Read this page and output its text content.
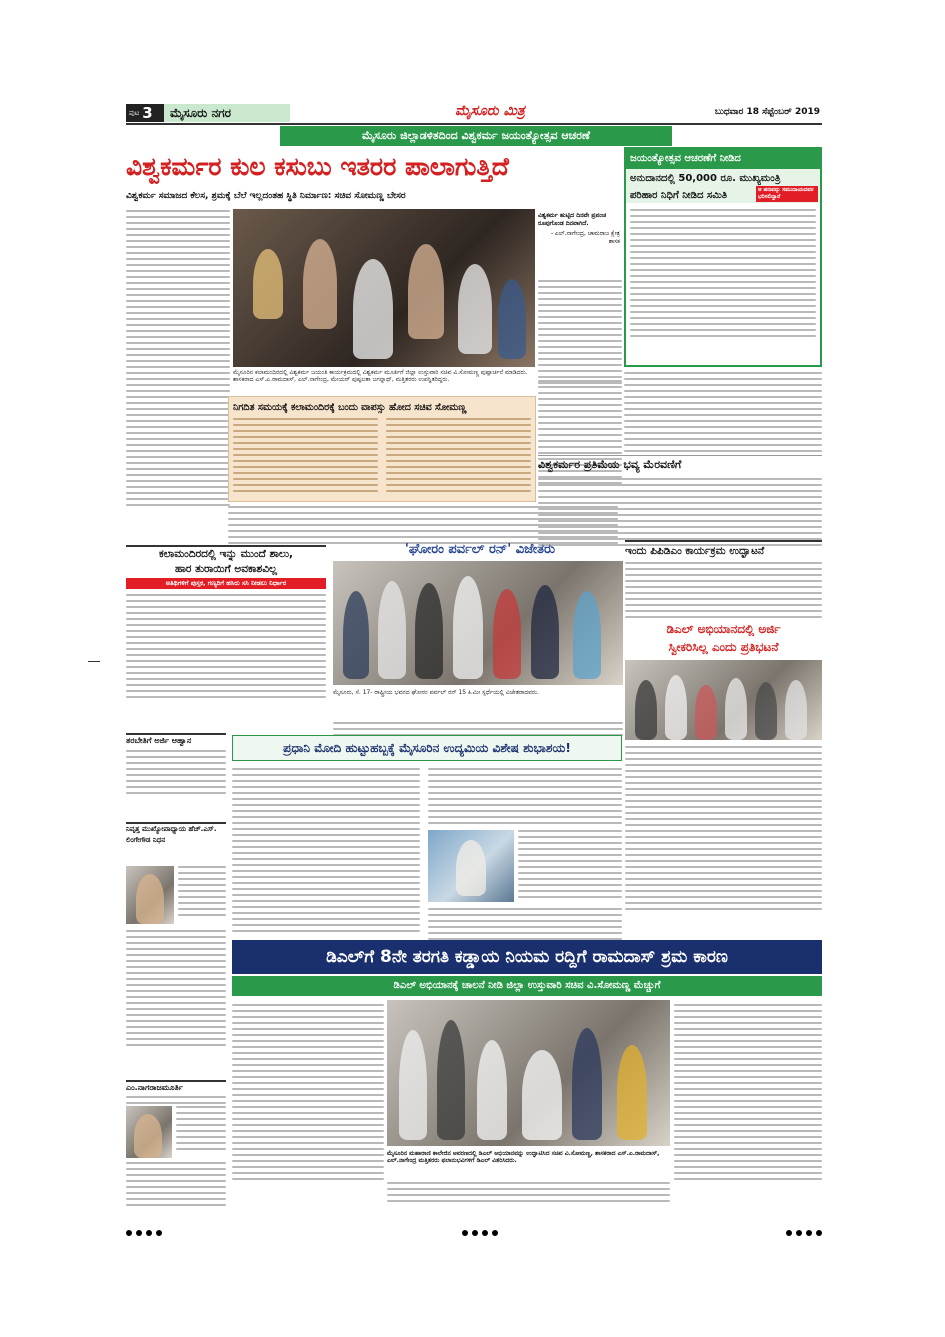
ಪುಟ 3	ಮೈಸೂರು ನಗರ	ಮೈಸೂರು ಮಿತ್ರ	ಬುಧವಾರ 18 ಸೆಪ್ಟೆಂಬರ್ 2019
ಮೈಸೂರು ಜಿಲ್ಲಾಡಳಿತದಿಂದ ವಿಶ್ವಕರ್ಮ ಜಯಂತ್ಯೋತ್ಸವ ಆಚರಣೆ
ವಿಶ್ವಕರ್ಮರ ಕುಲ ಕಸುಬು ಇತರರ ಪಾಲಾಗುತ್ತಿದೆ
ವಿಶ್ವಕರ್ಮ ಸಮಾಜದ ಕೆಲಸ, ಶ್ರಮಕ್ಕೆ ಬೆಲೆ ಇಲ್ಲದಂತಹ ಸ್ಥಿತಿ ನಿರ್ಮಾಣ: ಸಚಿವ ಸೋಮಣ್ಣ ಬೇಸರ
ಮೈಸೂರಿನ ಕಲಾಮಂದಿರದಲ್ಲಿ ವಿಶ್ವಕರ್ಮ ಜಯಂತಿ ಕಾರ್ಯಕ್ರಮದಲ್ಲಿ ವಿಶ್ವಕರ್ಮ ಮೂರ್ತಿಗೆ ಜಿಲ್ಲಾ ಉಸ್ತುವಾರಿ ಸಚಿವ ವಿ.ಸೋಮಣ್ಣ ಪುಷ್ಪಾರ್ಚನೆ ಮಾಡಿದರು. ಶಾಸಕರಾದ ಎಸ್.ಎ.ರಾಮದಾಸ್, ಎಲ್.ನಾಗೇಂದ್ರ, ಮೇಯರ್ ಪುಷ್ಪಲತಾ ಜಗನ್ನಾಥ್, ಮತ್ತಿತರರು ಉಪಸ್ಥಿತರಿದ್ದರು.
ವಿಶ್ವಕರ್ಮ ಹುಟ್ಟಿದ ದಿನವೇ ಪ್ರಪಂಚ ರೂಪುಗೊಂಡ ದಿನವಾಗಿದೆ.
- ಎಲ್.ನಾಗೇಂದ್ರ, ಚಾಮರಾಜ ಕ್ಷೇತ್ರ ಶಾಸಕ
ನಿಗದಿತ ಸಮಯಕ್ಕೆ ಕಲಾಮಂದಿರಕ್ಕೆ ಬಂದು ವಾಪಸ್ಸು ಹೋದ ಸಚಿವ ಸೋಮಣ್ಣ
ಜಯಂತ್ಯೋತ್ಸವ ಆಚರಣೆಗೆ ನೀಡಿದ
ಅನುದಾನದಲ್ಲಿ 50,000 ರೂ. ಮುಖ್ಯಮಂತ್ರಿ
ಪರಿಹಾರ ನಿಧಿಗೆ ನೀಡಿದ ಸಮಿತಿ	ಆ ಹಣವನ್ನು ಸಮುದಾಯದವರ ಭರಿಸಲಿದ್ದಾರೆ
ವಿಶ್ವಕರ್ಮರ ಪ್ರತಿಮೆಯ ಭವ್ಯ ಮೆರವಣಿಗೆ
ಕಲಾಮಂದಿರದಲ್ಲಿ ಇನ್ನು ಮುಂದೆ ಶಾಲು,
ಹಾರ ತುರಾಯಿಗೆ ಅವಕಾಶವಿಲ್ಲ
ಅತಿಥಿಗಳಿಗೆ ಪುಸ್ತಕ, ಗಣ್ಯರಿಗೆ ಹಸಿರು ಸಸಿ ನೀಡಲು ನಿರ್ಧಾರ
'ಘೋರಂ ಪರ್ವಲ್ ರನ್' ವಿಜೇತರು
ಮೈಸೂರು, ಸೆ. 17- ರಾಷ್ಟ್ರೀಯ ಭವನದ ಘೋರಂ ಪರ್ವಲ್ ರನ್ 15 ಕಿ.ಮೀ ಸ್ಪರ್ಧೆಯಲ್ಲಿ ವಿಜೇತರಾದವರು.
ಇಂದು ಪಿಪಿಡಿಎಂ ಕಾರ್ಯಕ್ರಮ ಉದ್ಘಾಟನೆ
ಡಿಎಲ್ ಅಭಿಯಾನದಲ್ಲಿ ಅರ್ಜಿ
ಸ್ವೀಕರಿಸಿಲ್ಲ ಎಂದು ಪ್ರತಿಭಟನೆ
ತರಬೇತಿಗೆ ಅರ್ಜಿ ಆಹ್ವಾನ
ನಿವೃತ್ತ ಮುಖ್ಯೋಪಾಧ್ಯಾಯ ಹೆಚ್.ಎಸ್. ಲಿಂಗೇಗೌಡ ನಿಧನ
ಎಂ.ನಾಗರಾಜಮೂರ್ತಿ
ಪ್ರಧಾನಿ ಮೋದಿ ಹುಟ್ಟುಹಬ್ಬಕ್ಕೆ ಮೈಸೂರಿನ ಉದ್ಯಮಿಯ ವಿಶೇಷ ಶುಭಾಶಯ!
ಡಿಎಲ್‌ಗೆ 8ನೇ ತರಗತಿ ಕಡ್ಡಾಯ ನಿಯಮ ರದ್ದಿಗೆ ರಾಮದಾಸ್ ಶ್ರಮ ಕಾರಣ
ಡಿಎಲ್ ಅಭಿಯಾನಕ್ಕೆ ಚಾಲನೆ ನೀಡಿ ಜಿಲ್ಲಾ ಉಸ್ತುವಾರಿ ಸಚಿವ ವಿ.ಸೋಮಣ್ಣ ಮೆಚ್ಚುಗೆ
ಮೈಸೂರಿನ ಮಹಾರಾಣಿ ಕಾಲೇಜಿನ ಆವರಣದಲ್ಲಿ ಡಿಎಲ್ ಅಭಿಯಾನವನ್ನು ಉದ್ಘಾಟಿಸಿದ ಸಚಿವ ವಿ.ಸೋಮಣ್ಣ, ಶಾಸಕರಾದ ಎಸ್.ಎ.ರಾಮದಾಸ್, ಎಲ್.ನಾಗೇಂದ್ರ ಮತ್ತಿತರರು ಫಲಾನುಭವಿಗಳಿಗೆ ಡಿಎಲ್ ವಿತರಿಸಿದರು.
